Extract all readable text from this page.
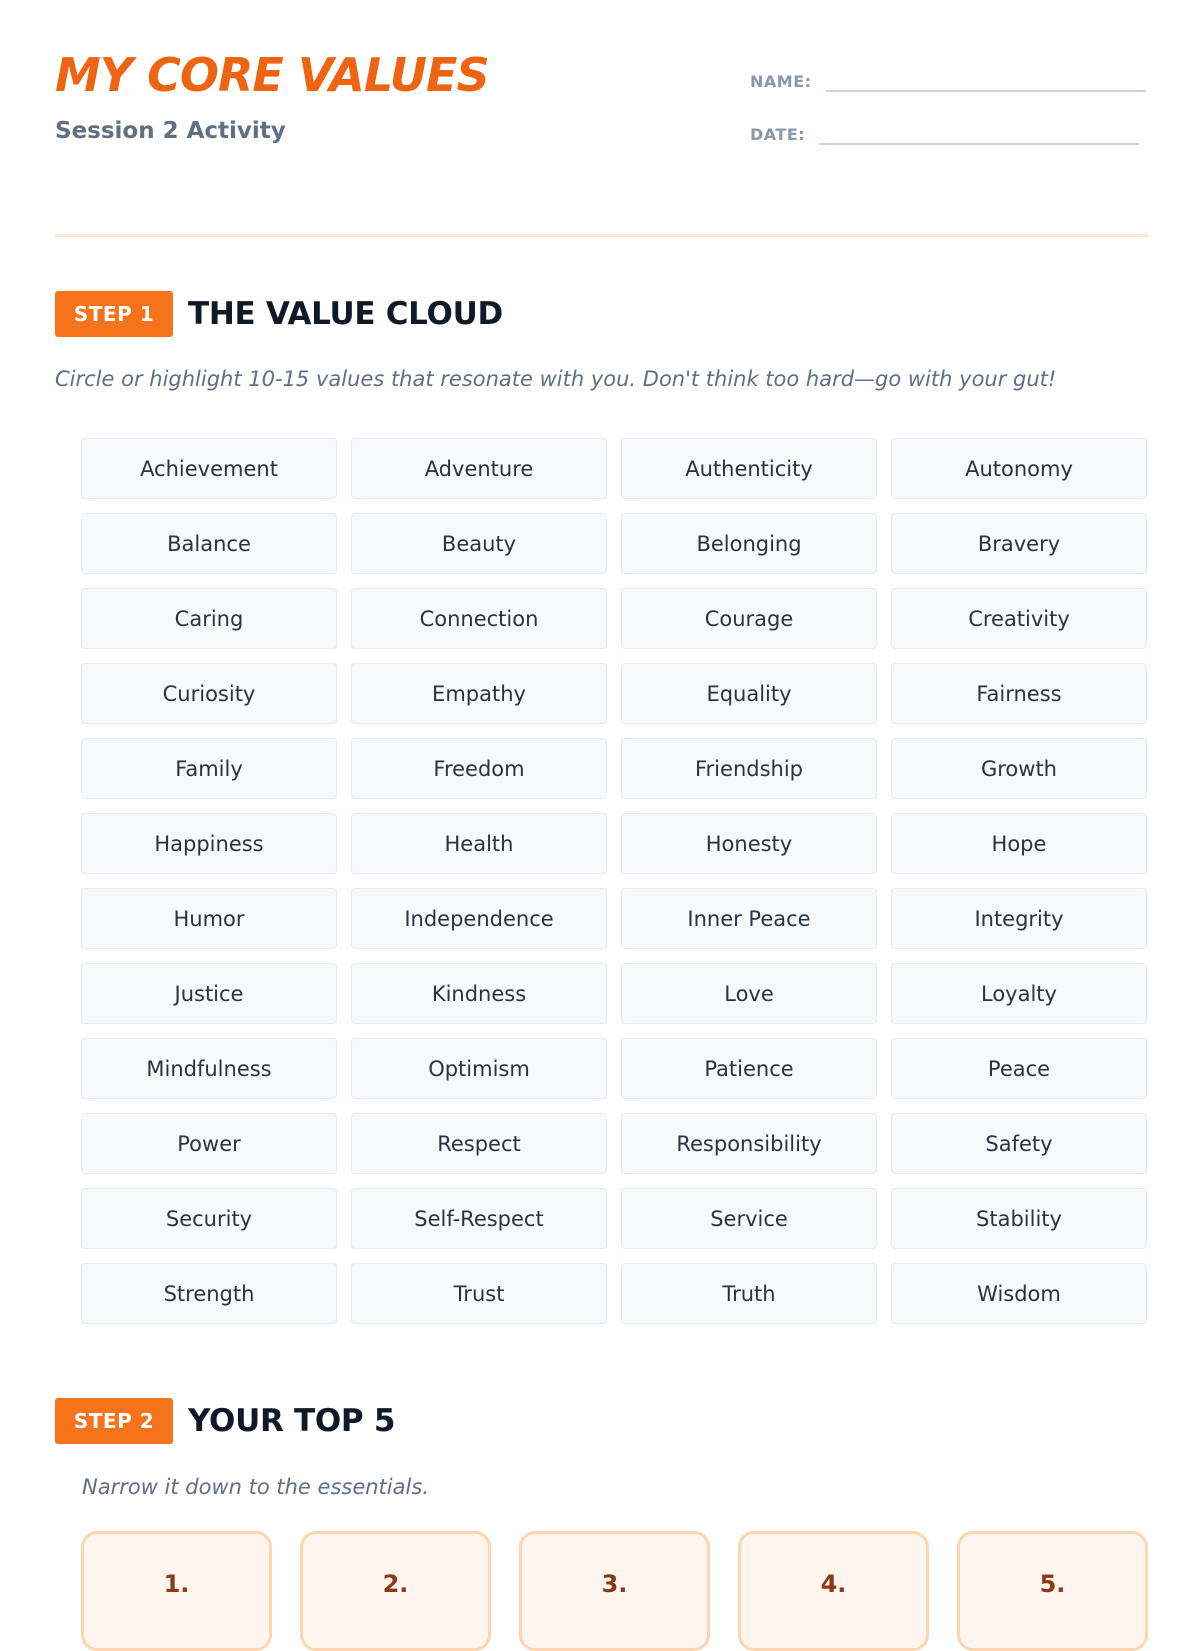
MY CORE VALUES
Session 2 Activity
NAME:
DATE:
STEP 1	THE VALUE CLOUD
Circle or highlight 10-15 values that resonate with you. Don't think too hard—go with your gut!
Achievement	Adventure	Authenticity	Autonomy
Balance	Beauty	Belonging	Bravery
Caring	Connection	Courage	Creativity
Curiosity	Empathy	Equality	Fairness
Family	Freedom	Friendship	Growth
Happiness	Health	Honesty	Hope
Humor	Independence	Inner Peace	Integrity
Justice	Kindness	Love	Loyalty
Mindfulness	Optimism	Patience	Peace
Power	Respect	Responsibility	Safety
Security	Self-Respect	Service	Stability
Strength	Trust	Truth	Wisdom
STEP 2	YOUR TOP 5
Narrow it down to the essentials.
1.	2.	3.	4.	5.
